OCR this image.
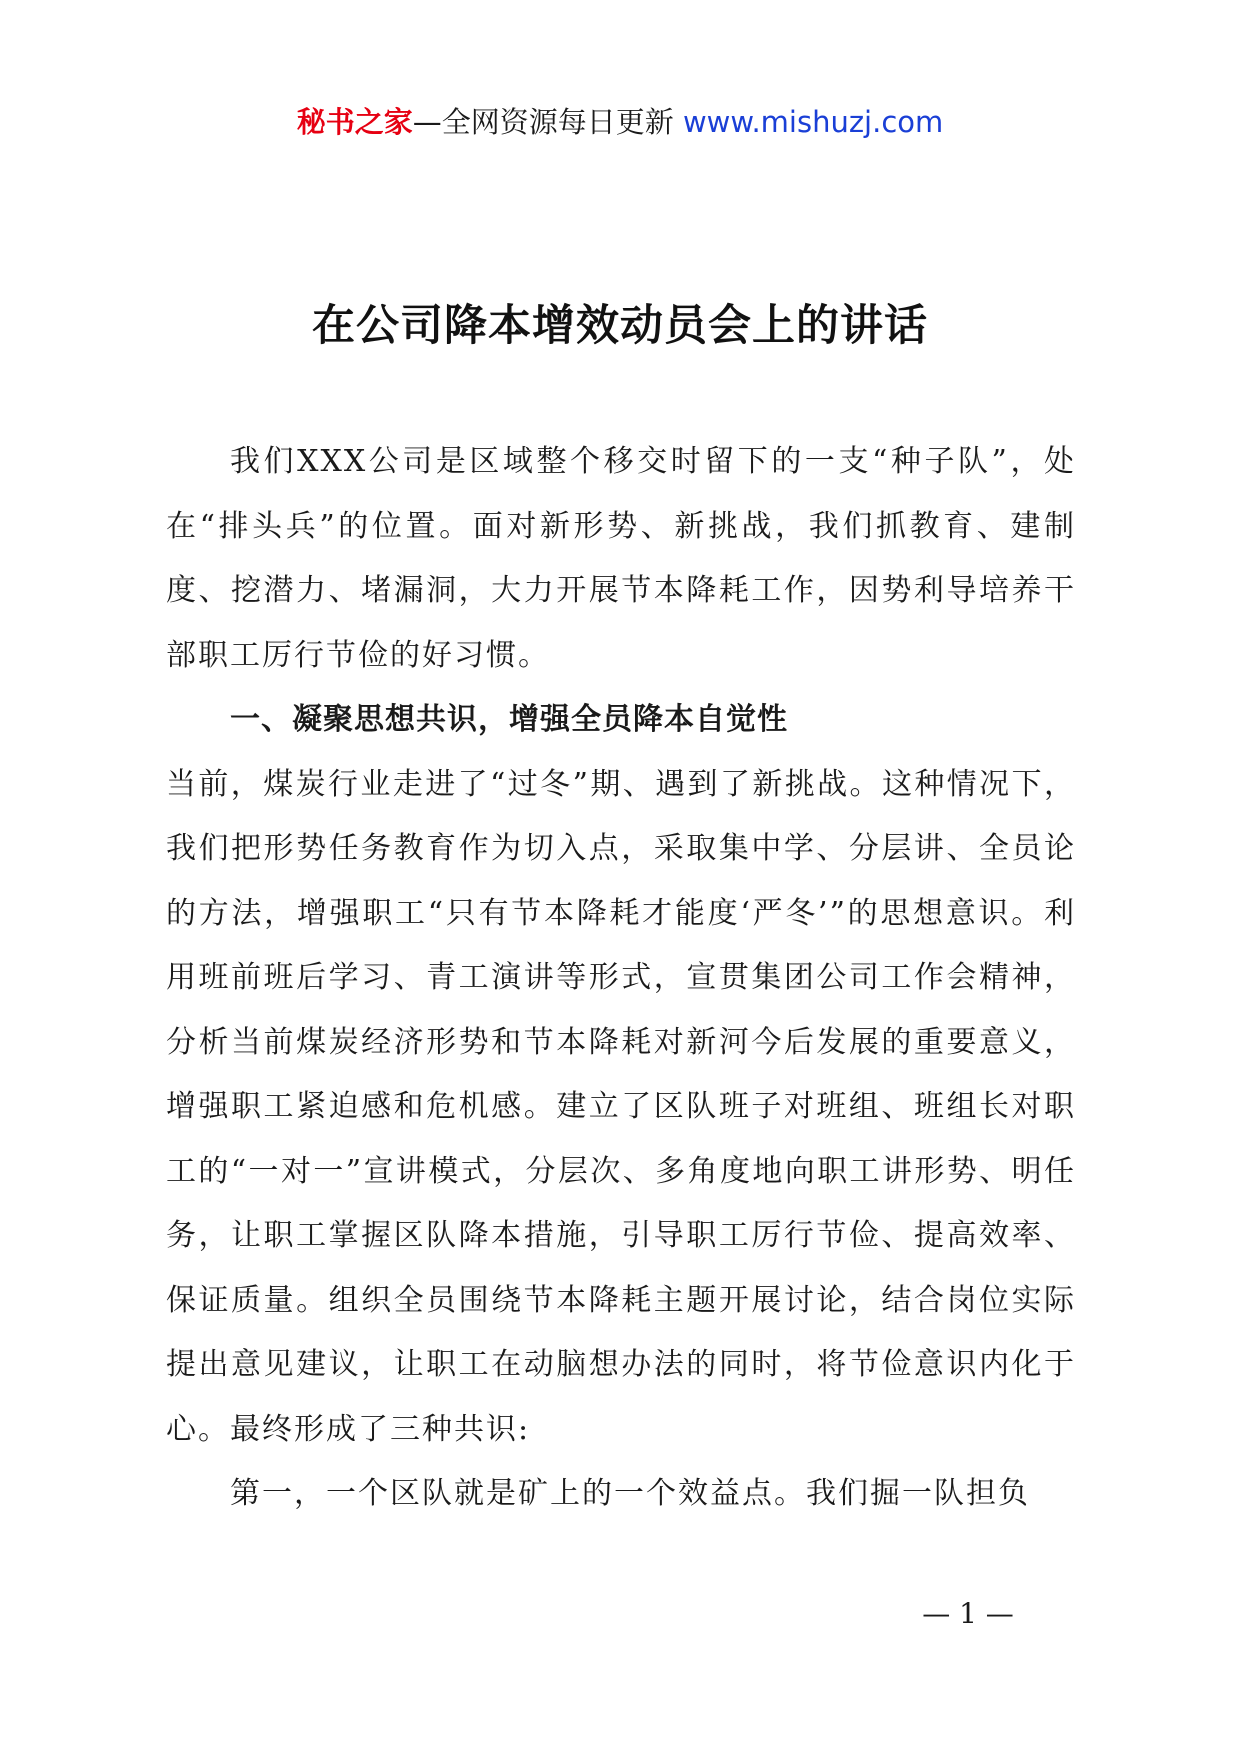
秘书之家—全网资源每日更新 www.mishuzj.com
在公司降本增效动员会上的讲话

我们XXX公司是区域整个移交时留下的一支“种子队”，处在“排头兵”的位置。面对新形势、新挑战，我们抓教育、建制度、挖潜力、堵漏洞，大力开展节本降耗工作，因势利导培养干部职工厉行节俭的好习惯。

一、凝聚思想共识，增强全员降本自觉性

当前，煤炭行业走进了“过冬”期、遇到了新挑战。这种情况下，我们把形势任务教育作为切入点，采取集中学、分层讲、全员论的方法，增强职工“只有节本降耗才能度‘严冬’”的思想意识。利用班前班后学习、青工演讲等形式，宣贯集团公司工作会精神，分析当前煤炭经济形势和节本降耗对新河今后发展的重要意义，增强职工紧迫感和危机感。建立了区队班子对班组、班组长对职工的“一对一”宣讲模式，分层次、多角度地向职工讲形势、明任务，让职工掌握区队降本措施，引导职工厉行节俭、提高效率、保证质量。组织全员围绕节本降耗主题开展讨论，结合岗位实际提出意见建议，让职工在动脑想办法的同时，将节俭意识内化于心。最终形成了三种共识:

第一，一个区队就是矿上的一个效益点。我们掘一队担负

— 1 —
